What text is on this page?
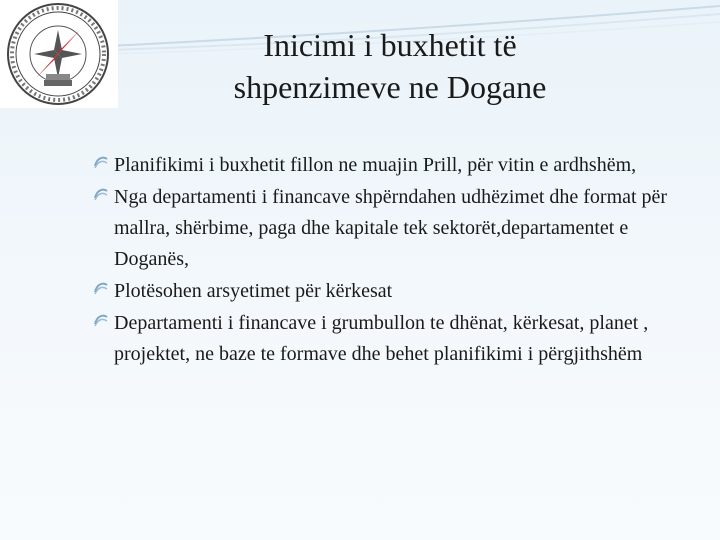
Inicimi i buxhetit të
shpenzimeve ne Dogane
Planifikimi i buxhetit fillon ne muajin Prill, për vitin e ardhshëm,
Nga departamenti i financave shpërndahen udhëzimet dhe format për mallra, shërbime, paga dhe kapitale tek sektorët,departamentet e Doganës,
Plotësohen arsyetimet për kërkesat
Departamenti i financave i grumbullon te dhënat, kërkesat, planet , projektet, ne baze te formave dhe behet planifikimi i përgjithshëm
